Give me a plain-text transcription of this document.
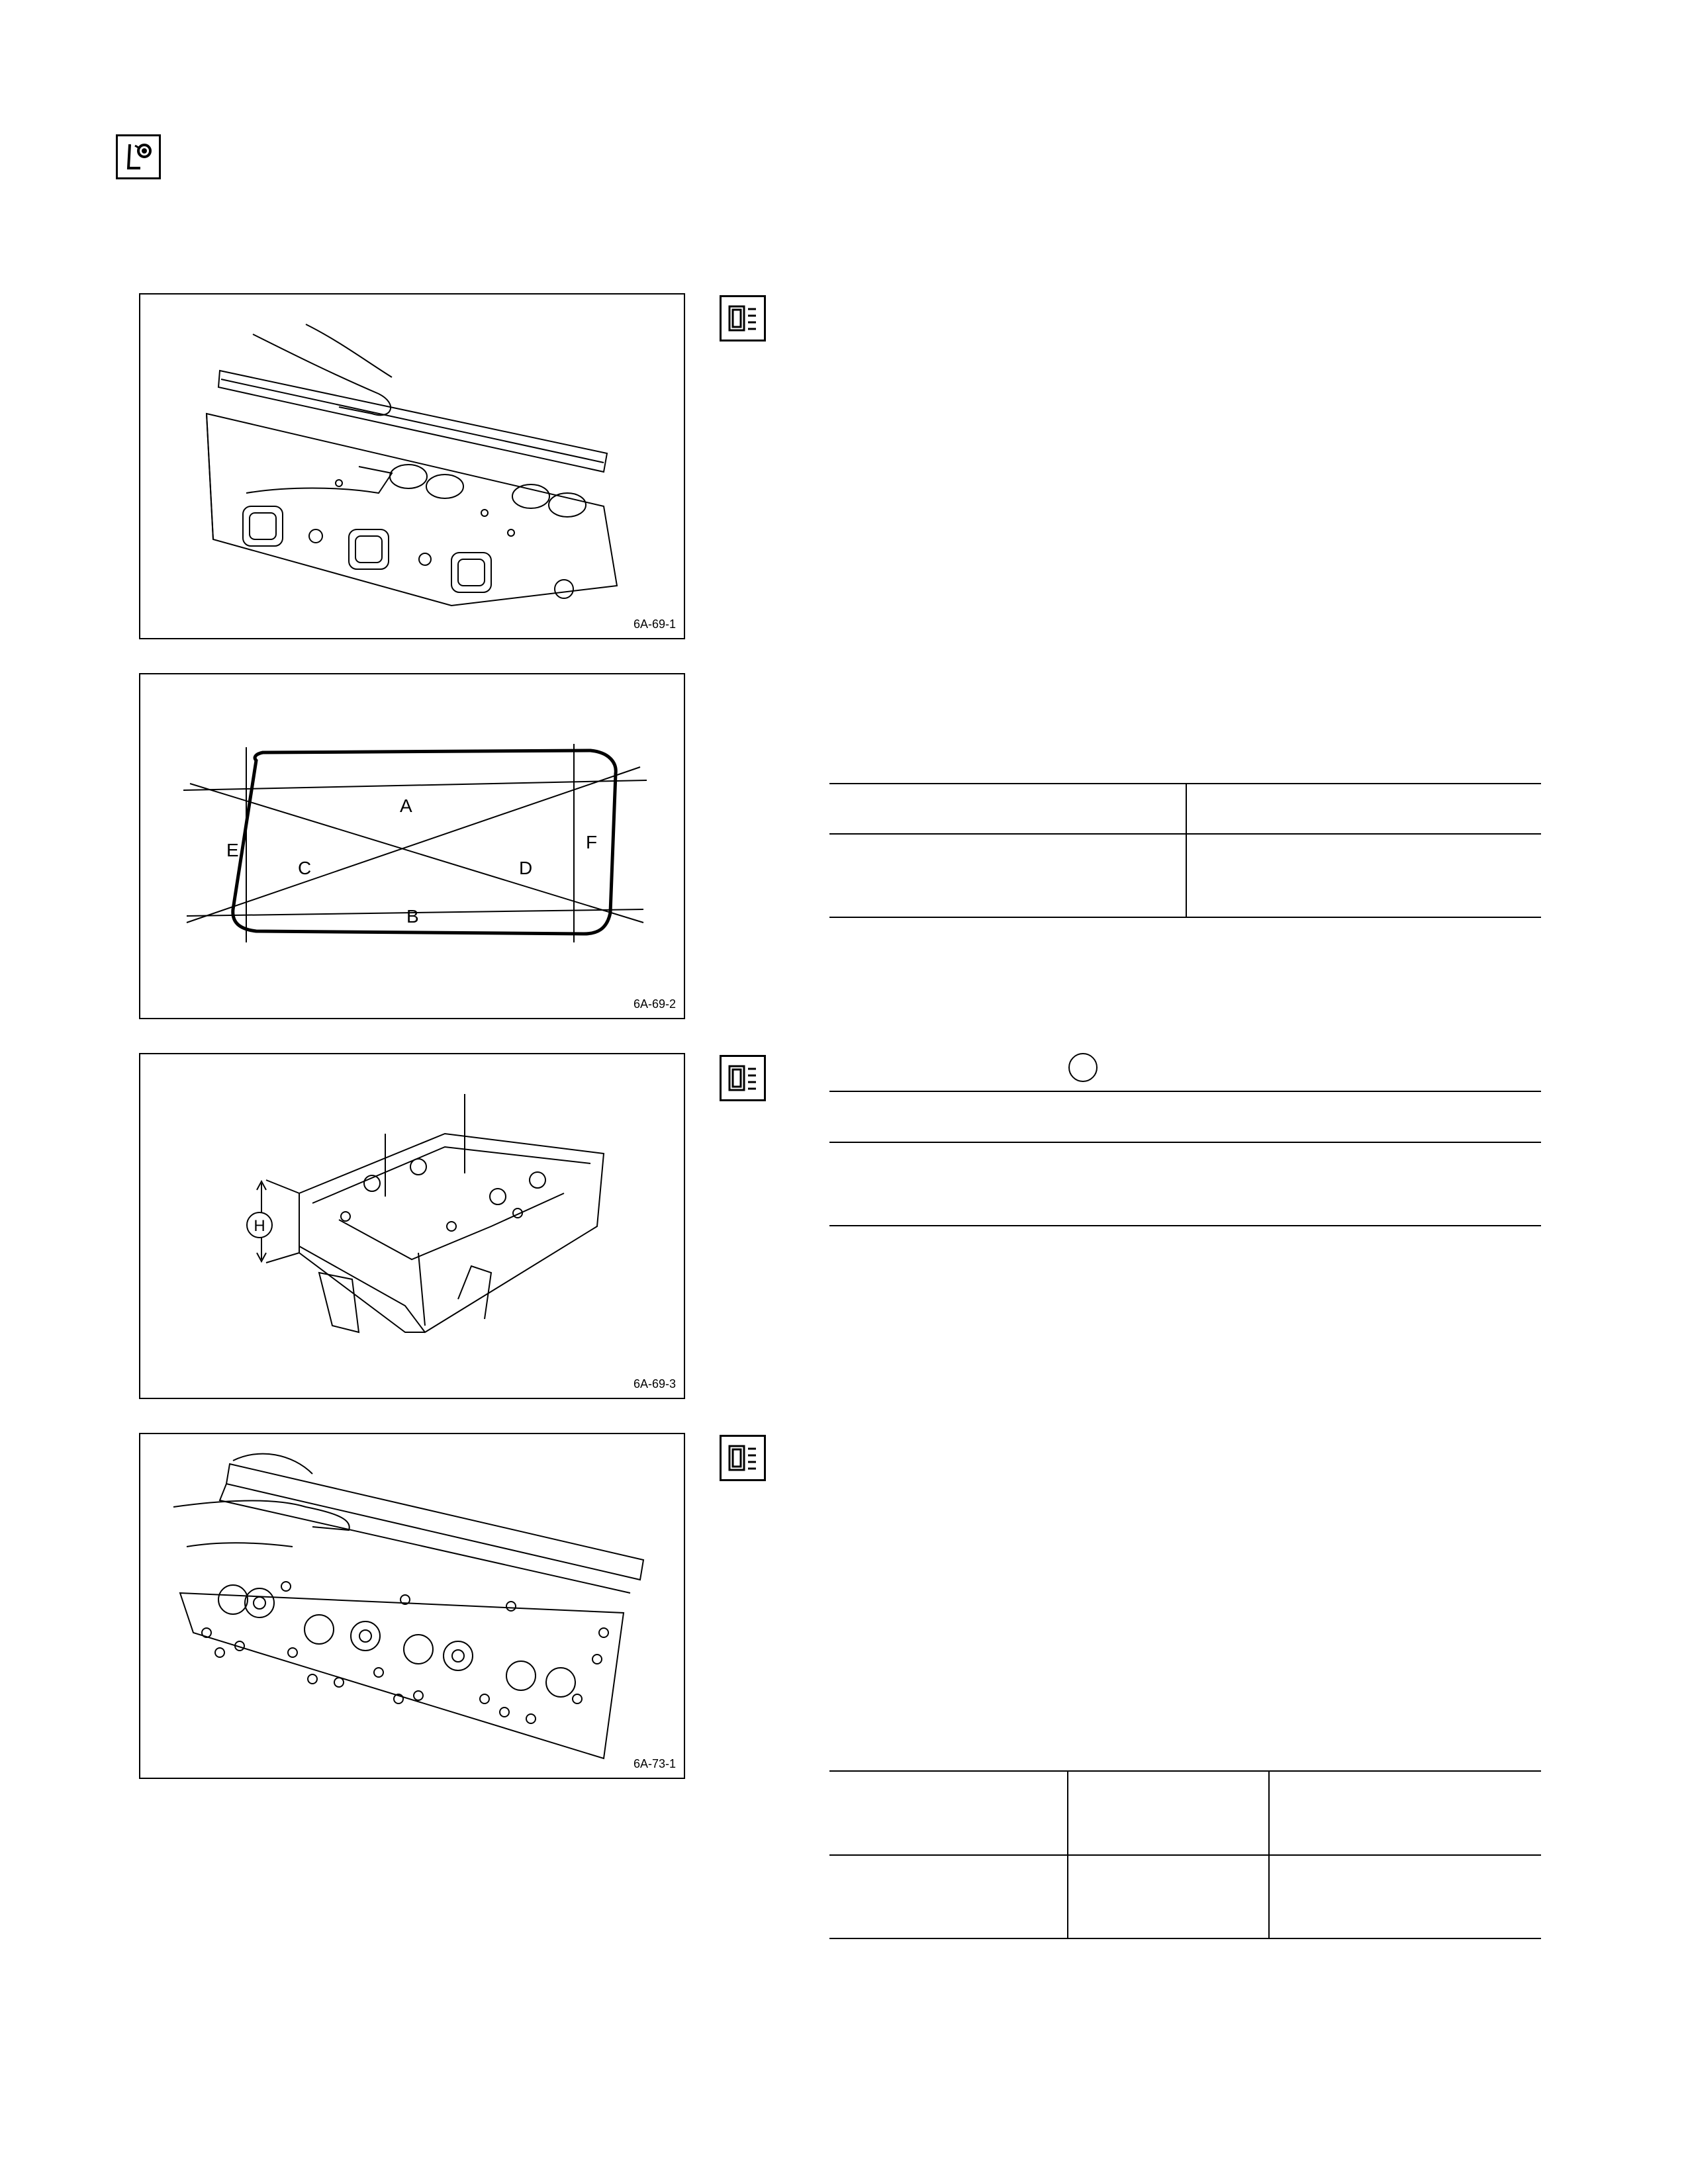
6A-69-1
A
B
C	D
E	F
6A-69-2
H
6A-69-3
6A-73-1
